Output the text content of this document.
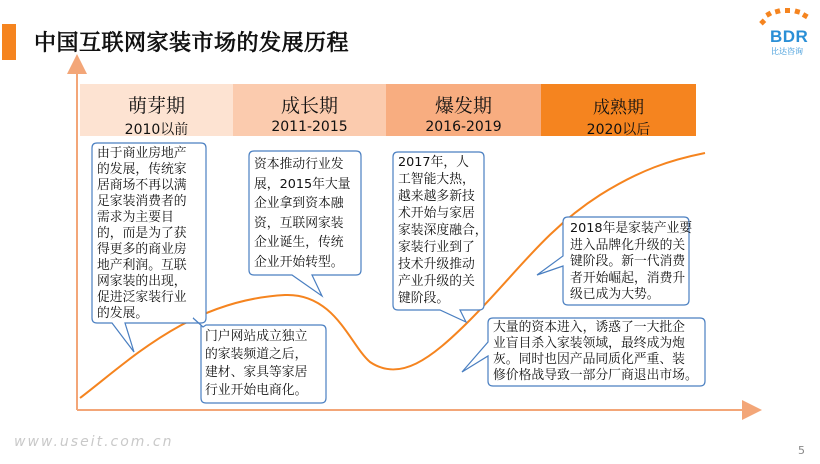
中国互联网家装市场的发展历程	BDR
比达咨询
萌芽期
2010以前
成长期
2011-2015
爆发期
2016-2019
成熟期
2020以后
由于商业房地产
的发展，传统家
居商场不再以满
足家装消费者的
需求为主要目
的，而是为了获
得更多的商业房
地产利润。互联
网家装的出现，
促进泛家装行业
的发展。
资本推动行业发
展，2015年大量
企业拿到资本融
资，互联网家装
企业诞生，传统
企业开始转型。
门户网站成立独立
的家装频道之后，
建材、家具等家居
行业开始电商化。
2017年，人
工智能大热，
越来越多新技
术开始与家居
家装深度融合，
家装行业到了
技术升级推动
产业升级的关
键阶段。
大量的资本进入，诱惑了一大批企
业盲目杀入家装领域，最终成为炮
灰。同时也因产品同质化严重、装
修价格战导致一部分厂商退出市场。
2018年是家装产业要
进入品牌化升级的关
键阶段。新一代消费
者开始崛起，消费升
级已成为大势。
www.useit.com.cn
5
